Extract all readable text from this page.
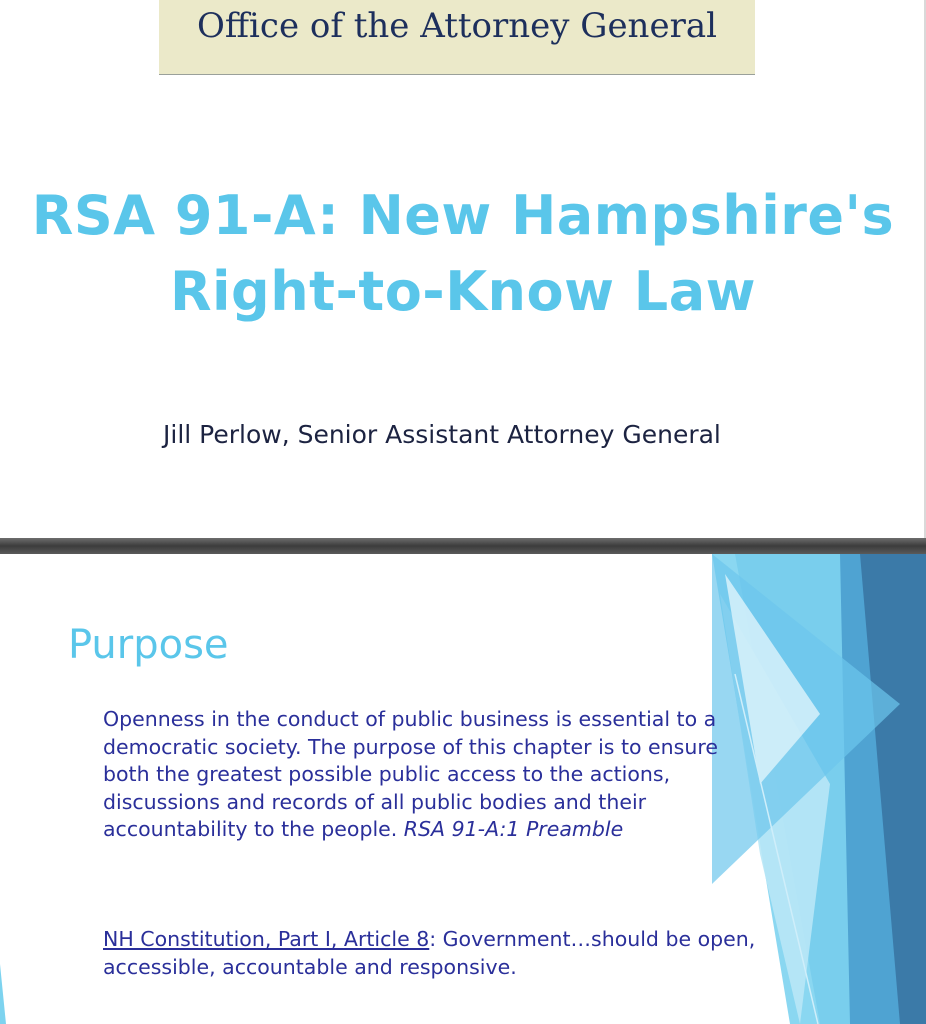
Office of the Attorney General
RSA 91-A: New Hampshire's
Right-to-Know Law
Jill Perlow, Senior Assistant Attorney General
Purpose
Openness in the conduct of public business is essential to a democratic society. The purpose of this chapter is to ensure both the greatest possible public access to the actions, discussions and records of all public bodies and their accountability to the people. RSA 91-A:1 Preamble
NH Constitution, Part I, Article 8: Government…should be open, accessible, accountable and responsive.
